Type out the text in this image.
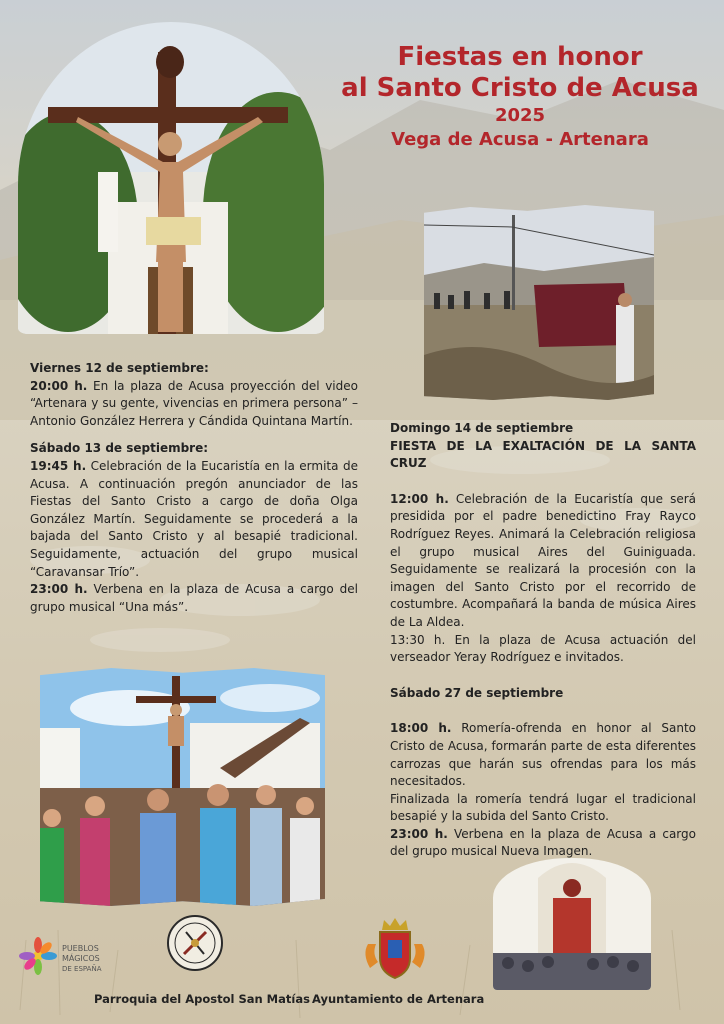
Fiestas en honor
al Santo Cristo de Acusa
2025
Vega de Acusa - Artenara

Viernes 12 de septiembre:

20:00 h. En la plaza de Acusa proyección del video “Artenara y su gente, vivencias en primera persona” – Antonio González Herrera y Cándida Quintana Martín.

Sábado 13 de septiembre:

19:45 h. Celebración de la Eucaristía en la ermita de Acusa. A continuación pregón anunciador de las Fiestas del Santo Cristo a cargo de doña Olga González Martín. Seguidamente se procederá a la bajada del Santo Cristo y al besapié tradicional. Seguidamente, actuación del grupo musical “Caravansar Trío”.

23:00 h. Verbena en la plaza de Acusa a cargo del grupo musical “Una más”.

Domingo 14 de septiembre

FIESTA DE LA EXALTACIÓN DE LA SANTA CRUZ

12:00 h. Celebración de la Eucaristía que será presidida por el padre benedictino Fray Rayco Rodríguez Reyes. Animará la Celebración religiosa el grupo musical Aires del Guiniguada. Seguidamente se realizará la procesión con la imagen del Santo Cristo por el recorrido de costumbre. Acompañará la banda de música Aires de La Aldea.

13:30 h. En la plaza de Acusa actuación del verseador Yeray Rodríguez e invitados.

Sábado 27 de septiembre

18:00 h. Romería-ofrenda en honor al Santo Cristo de Acusa, formarán parte de esta diferentes carrozas que harán sus ofrendas para los más necesitados.

Finalizada la romería tendrá lugar el tradicional besapié y la subida del Santo Cristo.

23:00 h. Verbena en la plaza de Acusa a cargo del grupo musical Nueva Imagen.

PUEBLOS
MÁGICOS
DE ESPAÑA
Parroquia del Apostol San Matías Ayuntamiento de Artenara
